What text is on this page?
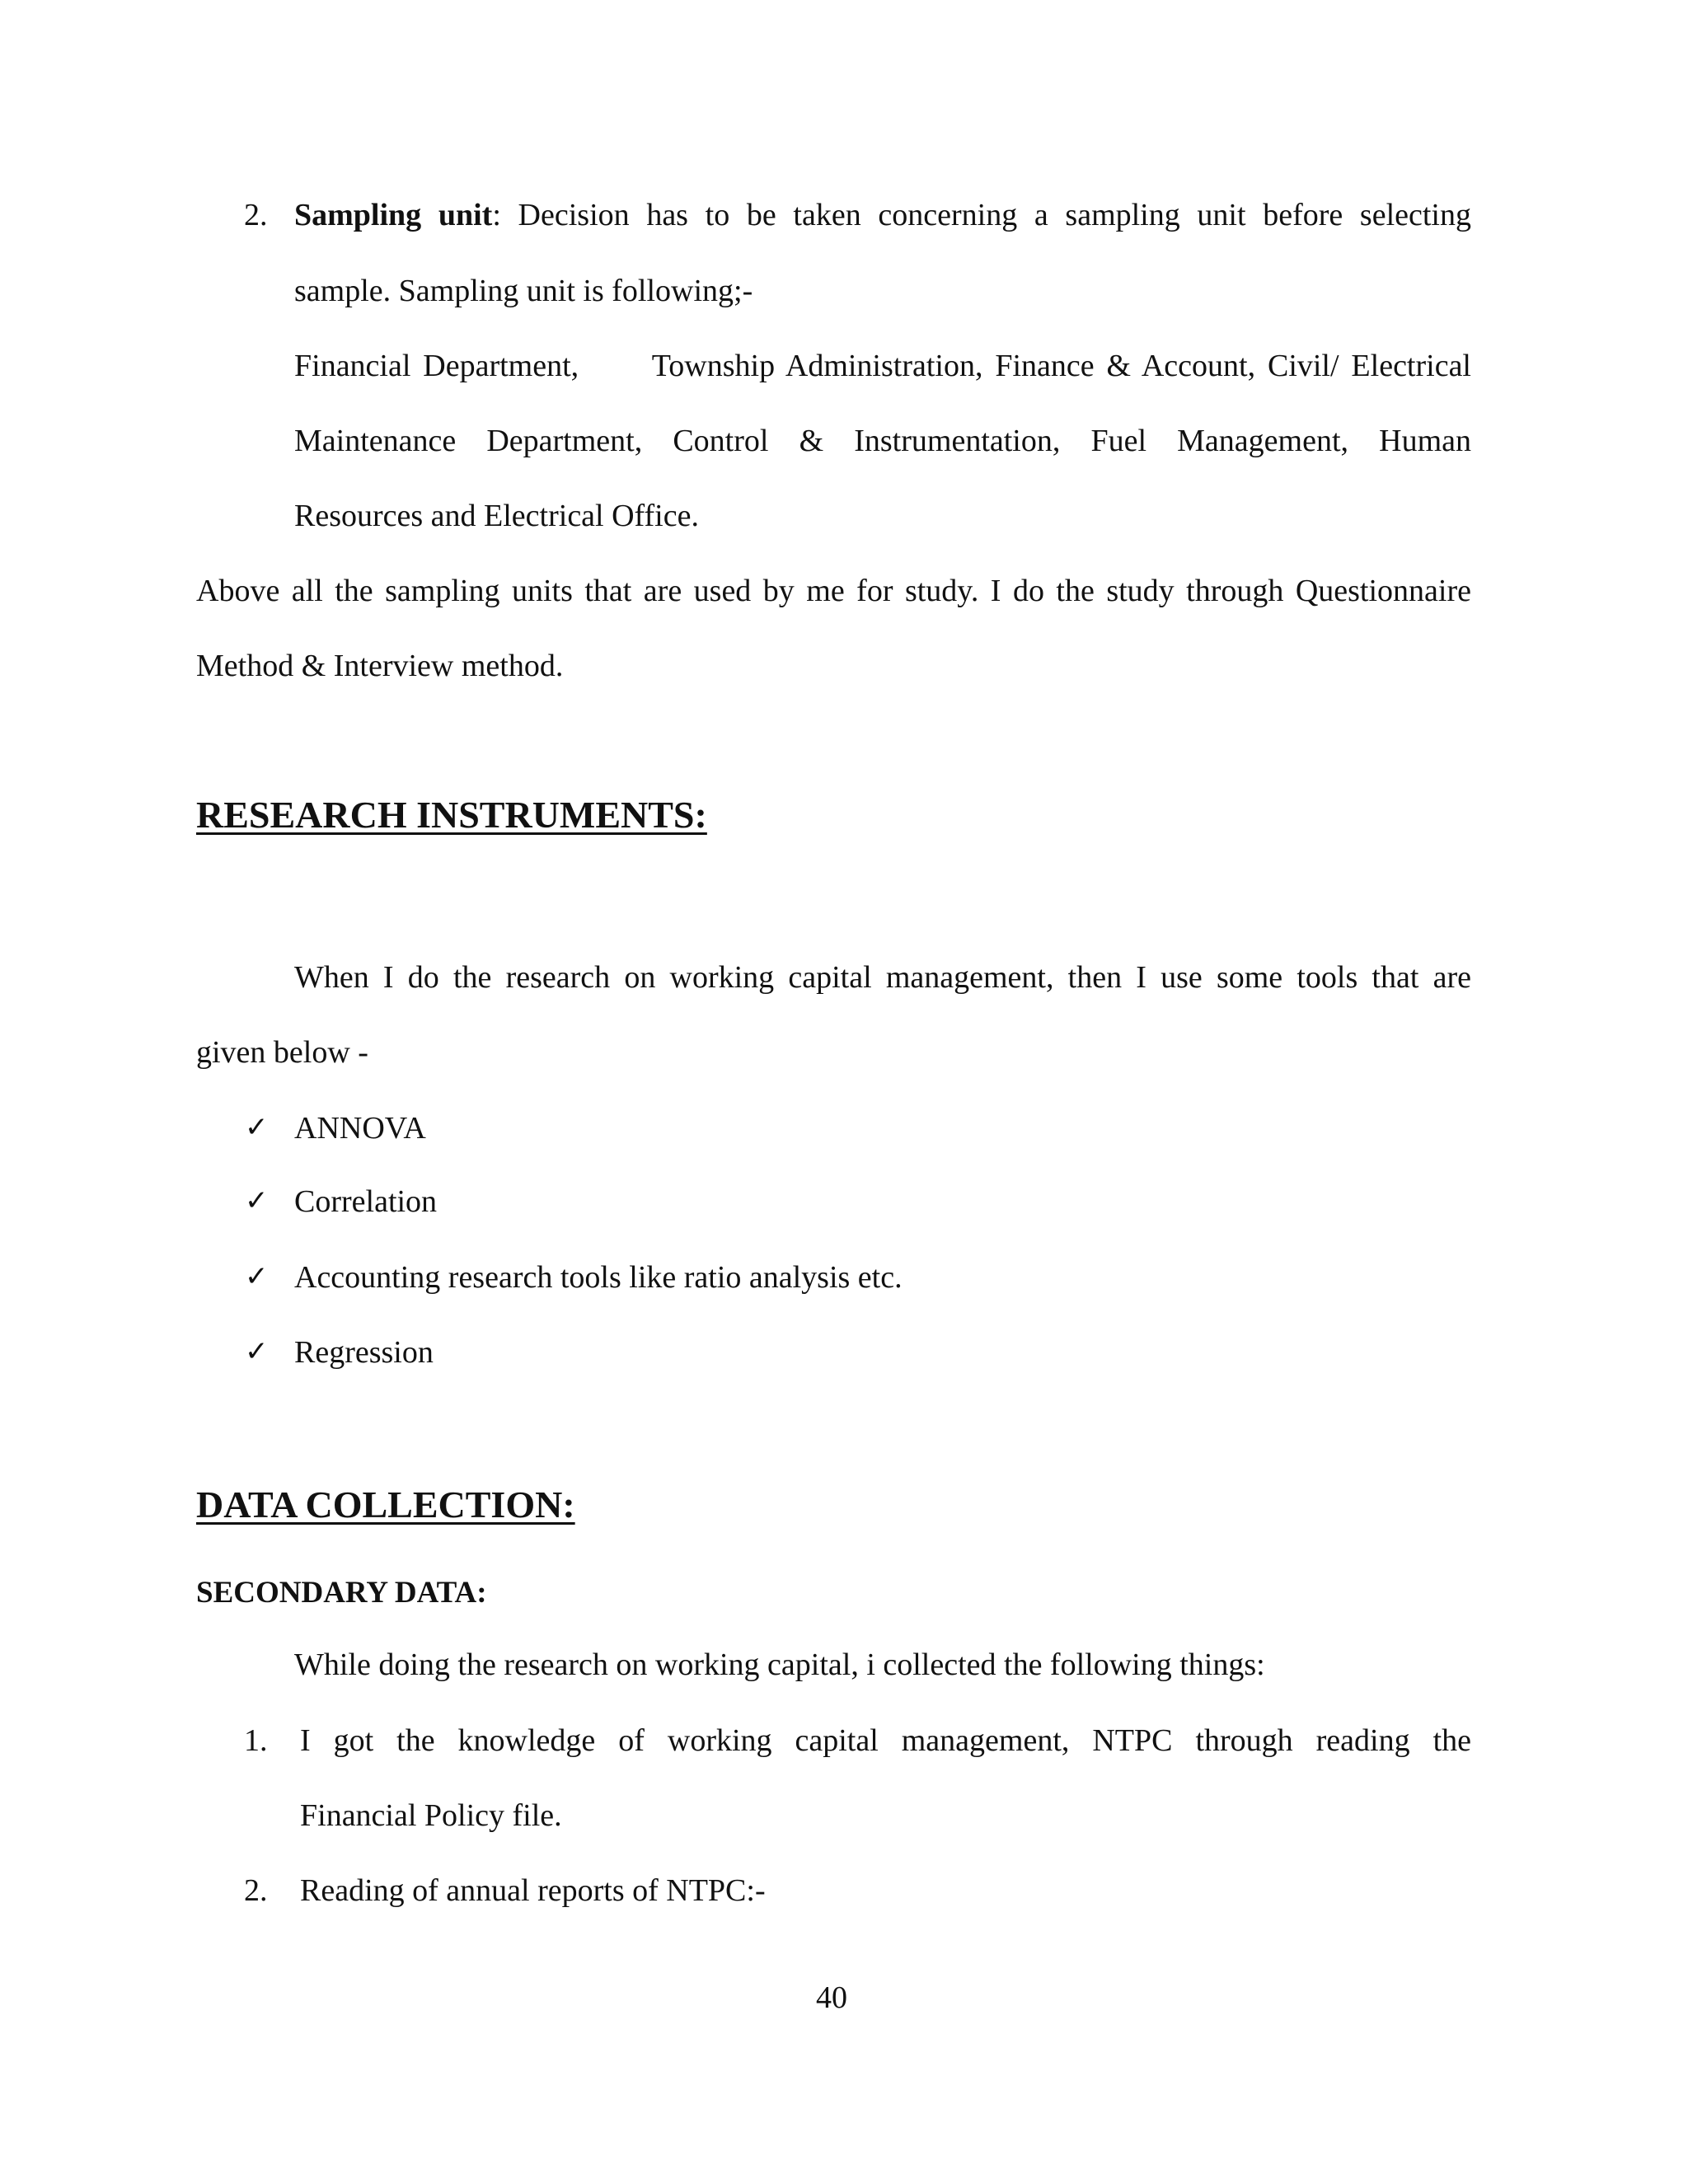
2. Sampling unit: Decision has to be taken concerning a sampling unit before selecting
sample. Sampling unit is following;-
Financial Department,      Township Administration, Finance & Account, Civil/ Electrical
Maintenance Department, Control & Instrumentation, Fuel Management, Human
Resources and Electrical Office.
Above all the sampling units that are used by me for study. I do the study through Questionnaire
Method & Interview method.
RESEARCH INSTRUMENTS:
When I do the research on working capital management, then I use some tools that are
given below -
✓ ANNOVA
✓ Correlation
✓ Accounting research tools like ratio analysis etc.
✓ Regression
DATA COLLECTION:
SECONDARY DATA:
While doing the research on working capital, i collected the following things:
1. I got the knowledge of working capital management, NTPC through reading the
Financial Policy file.
2. Reading of annual reports of NTPC:-
40
